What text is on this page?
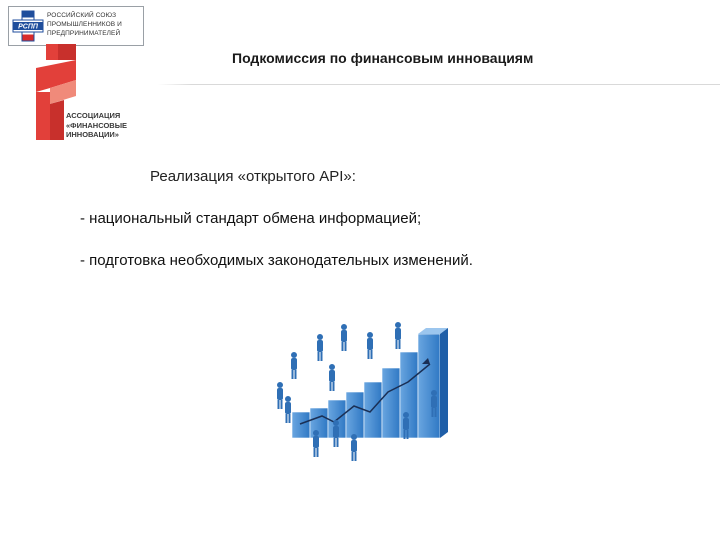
РСПП
РОССИЙСКИЙ СОЮЗ ПРОМЫШЛЕННИКОВ И ПРЕДПРИНИМАТЕЛЕЙ
Подкомиссия по финансовым инновациям
АССОЦИАЦИЯ
«ФИНАНСОВЫЕ
ИННОВАЦИИ»
Реализация «открытого API»:
- национальный стандарт обмена информацией;
- подготовка необходимых законодательных изменений.
